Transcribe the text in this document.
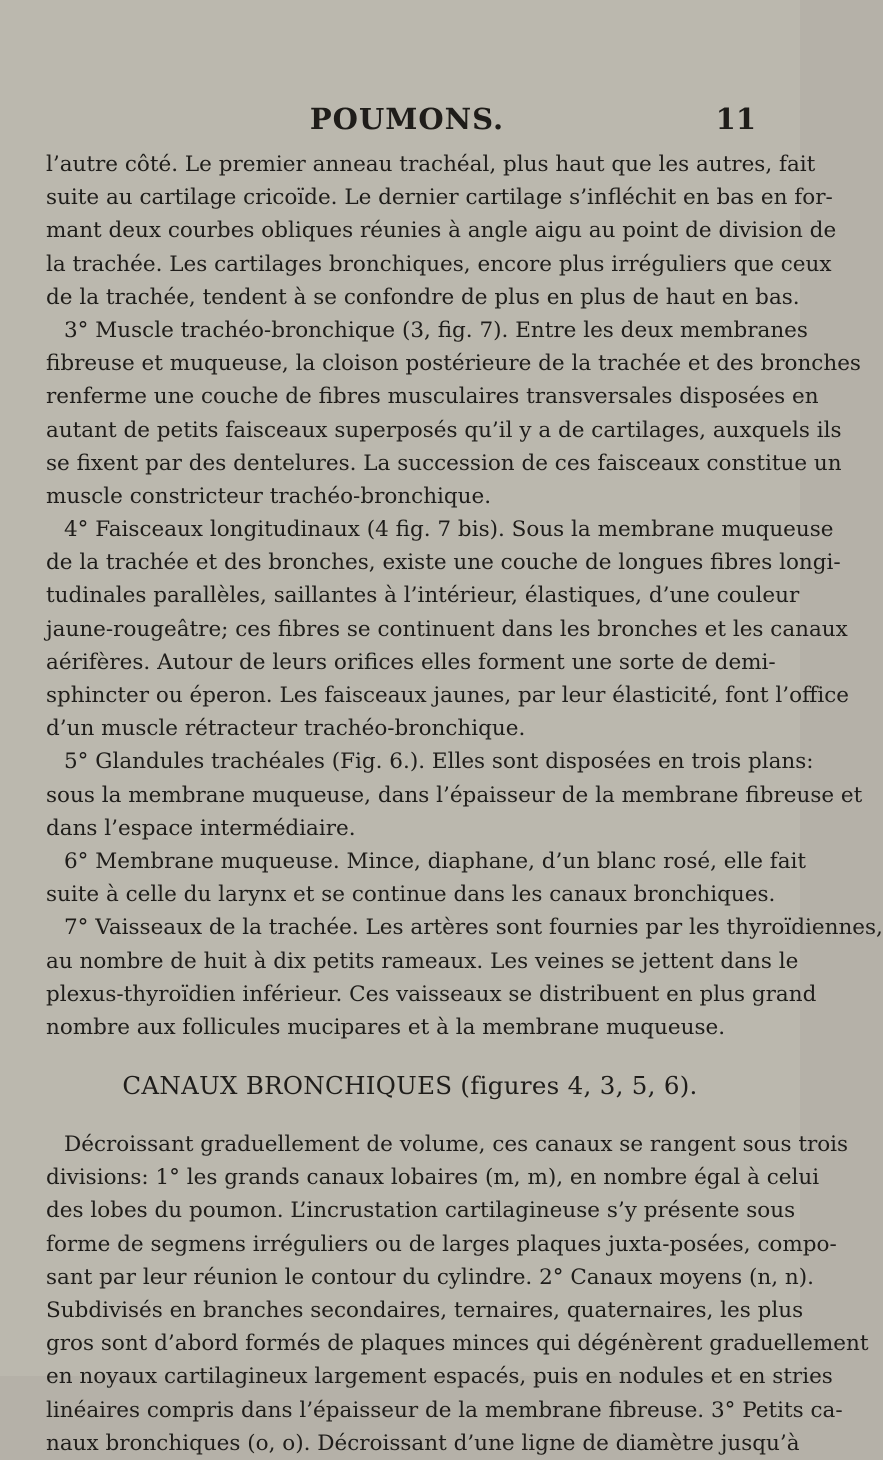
POUMONS.	11
l’autre côté. Le premier anneau trachéal, plus haut que les autres, fait
suite au cartilage cricoïde. Le dernier cartilage s’infléchit en bas en for-
mant deux courbes obliques réunies à angle aigu au point de division de
la trachée. Les cartilages bronchiques, encore plus irréguliers que ceux
de la trachée, tendent à se confondre de plus en plus de haut en bas.
3° Muscle trachéo-bronchique (3, fig. 7). Entre les deux membranes
fibreuse et muqueuse, la cloison postérieure de la trachée et des bronches
renferme une couche de fibres musculaires transversales disposées en
autant de petits faisceaux superposés qu’il y a de cartilages, auxquels ils
se fixent par des dentelures. La succession de ces faisceaux constitue un
muscle constricteur trachéo-bronchique.
4° Faisceaux longitudinaux (4 fig. 7 bis). Sous la membrane muqueuse
de la trachée et des bronches, existe une couche de longues fibres longi-
tudinales parallèles, saillantes à l’intérieur, élastiques, d’une couleur
jaune-rougeâtre; ces fibres se continuent dans les bronches et les canaux
aérifères. Autour de leurs orifices elles forment une sorte de demi-
sphincter ou éperon. Les faisceaux jaunes, par leur élasticité, font l’office
d’un muscle rétracteur trachéo-bronchique.
5° Glandules trachéales (Fig. 6.). Elles sont disposées en trois plans:
sous la membrane muqueuse, dans l’épaisseur de la membrane fibreuse et
dans l’espace intermédiaire.
6° Membrane muqueuse. Mince, diaphane, d’un blanc rosé, elle fait
suite à celle du larynx et se continue dans les canaux bronchiques.
7° Vaisseaux de la trachée. Les artères sont fournies par les thyroïdiennes,
au nombre de huit à dix petits rameaux. Les veines se jettent dans le
plexus-thyroïdien inférieur. Ces vaisseaux se distribuent en plus grand
nombre aux follicules mucipares et à la membrane muqueuse.
CANAUX BRONCHIQUES (figures 4, 3, 5, 6).
Décroissant graduellement de volume, ces canaux se rangent sous trois
divisions: 1° les grands canaux lobaires (m, m), en nombre égal à celui
des lobes du poumon. L’incrustation cartilagineuse s’y présente sous
forme de segmens irréguliers ou de larges plaques juxta-posées, compo-
sant par leur réunion le contour du cylindre. 2° Canaux moyens (n, n).
Subdivisés en branches secondaires, ternaires, quaternaires, les plus
gros sont d’abord formés de plaques minces qui dégénèrent graduellement
en noyaux cartilagineux largement espacés, puis en nodules et en stries
linéaires compris dans l’épaisseur de la membrane fibreuse. 3° Petits ca-
naux bronchiques (o, o). Décroissant d’une ligne de diamètre jusqu’à
